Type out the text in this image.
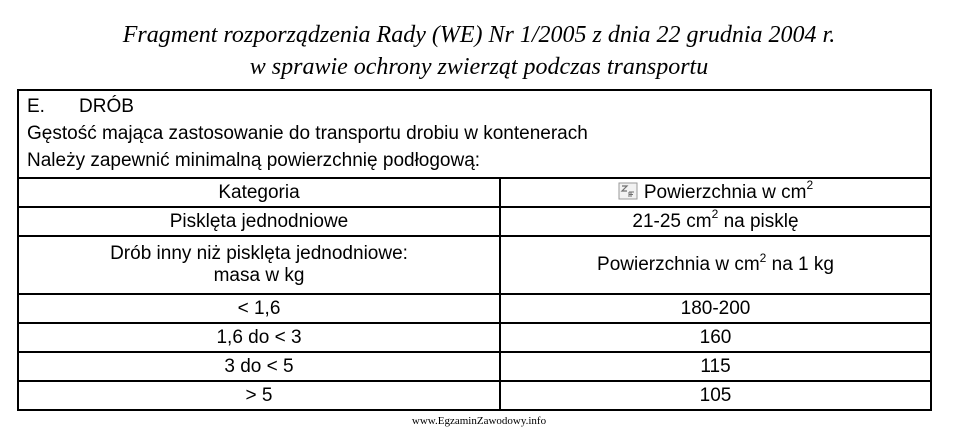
Fragment rozporządzenia Rady (WE) Nr 1/2005 z dnia 22 grudnia 2004 r.
w sprawie ochrony zwierząt podczas transportu
E. DRÓB
Gęstość mająca zastosowanie do transportu drobiu w kontenerach
Należy zapewnić minimalną powierzchnię podłogową:
Kategoria	Powierzchnia w $cm^2$
Pisklęta jednodniowe	21-25 $cm^2$ na pisklę

Drób inny niż pisklęta jednodniowe:
masa w kg	Powierzchnia w $cm^2$ na 1 kg
< 1,6	180-200
1,6 do < 3	160
3 do < 5	115
> 5	105
www.EgzaminZawodowy.info
